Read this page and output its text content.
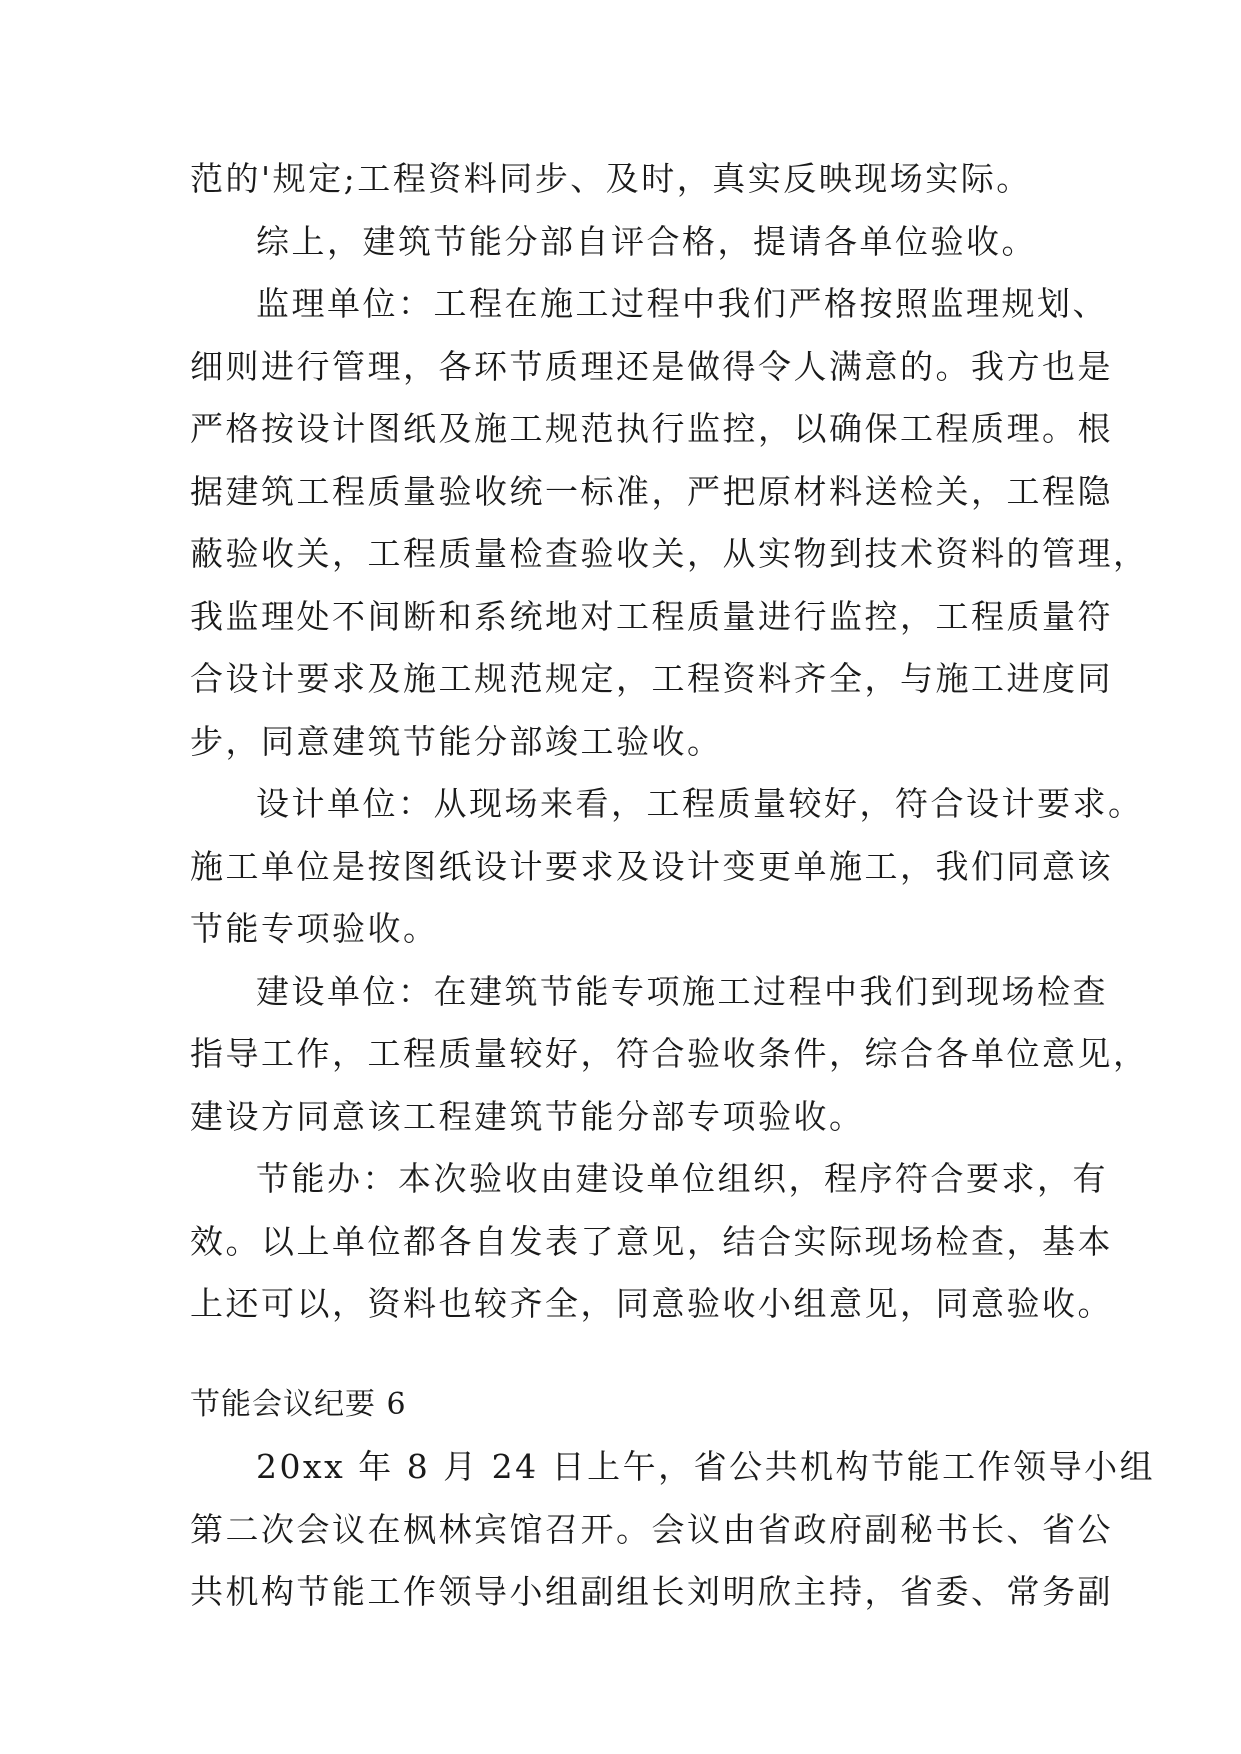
范的'规定;工程资料同步、及时，真实反映现场实际。
综上，建筑节能分部自评合格，提请各单位验收。
监理单位：工程在施工过程中我们严格按照监理规划、
细则进行管理，各环节质理还是做得令人满意的。我方也是
严格按设计图纸及施工规范执行监控，以确保工程质理。根
据建筑工程质量验收统一标准，严把原材料送检关，工程隐
蔽验收关，工程质量检查验收关，从实物到技术资料的管理，
我监理处不间断和系统地对工程质量进行监控，工程质量符
合设计要求及施工规范规定，工程资料齐全，与施工进度同
步，同意建筑节能分部竣工验收。
设计单位：从现场来看，工程质量较好，符合设计要求。
施工单位是按图纸设计要求及设计变更单施工，我们同意该
节能专项验收。
建设单位：在建筑节能专项施工过程中我们到现场检查
指导工作，工程质量较好，符合验收条件，综合各单位意见，
建设方同意该工程建筑节能分部专项验收。
节能办：本次验收由建设单位组织，程序符合要求，有
效。以上单位都各自发表了意见，结合实际现场检查，基本
上还可以，资料也较齐全，同意验收小组意见，同意验收。
节能会议纪要 6
20xx 年 8 月 24 日上午，省公共机构节能工作领导小组
第二次会议在枫林宾馆召开。会议由省政府副秘书长、省公
共机构节能工作领导小组副组长刘明欣主持，省委、常务副
